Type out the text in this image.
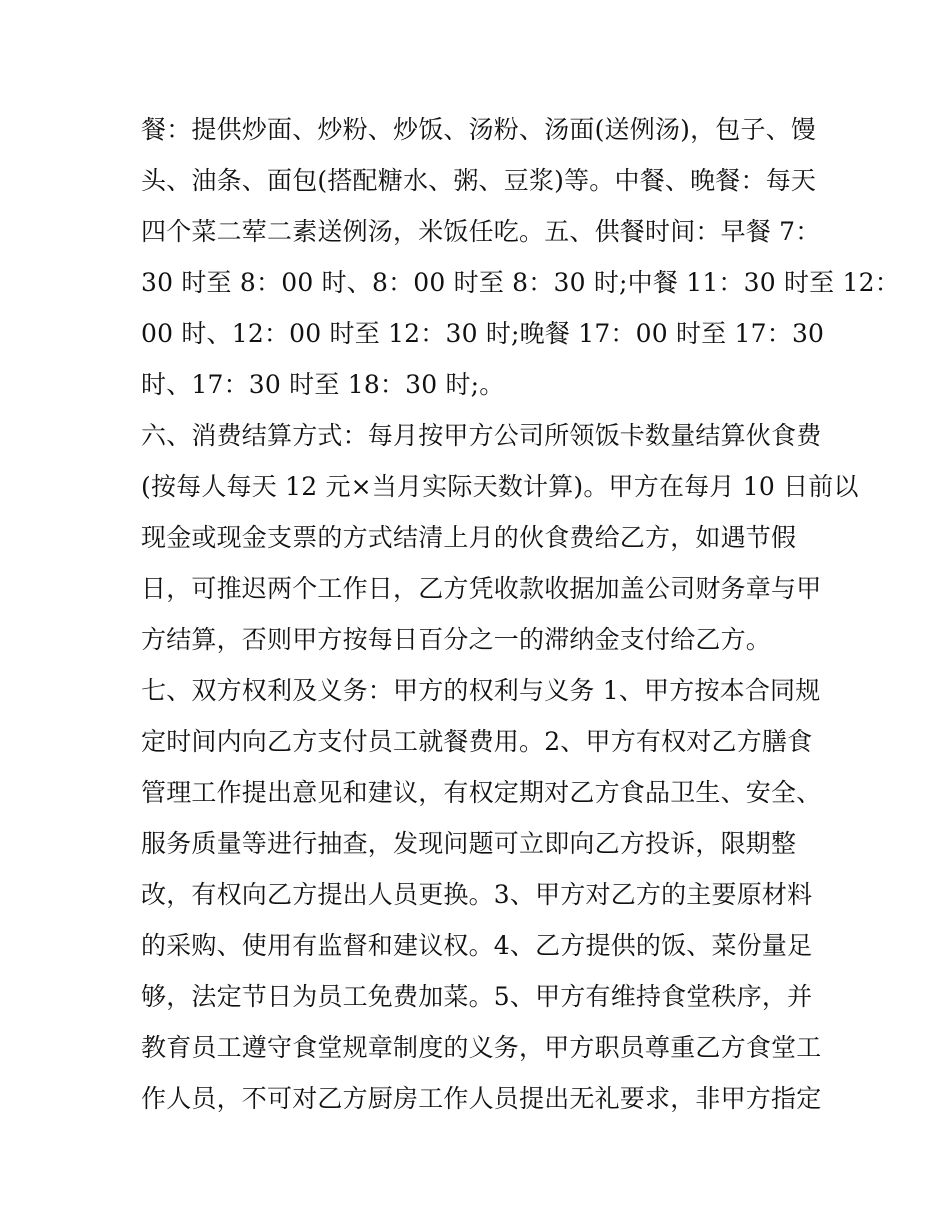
餐：提供炒面、炒粉、炒饭、汤粉、汤面(送例汤)，包子、馒
头、油条、面包(搭配糖水、粥、豆浆)等。中餐、晚餐：每天
四个菜二荤二素送例汤，米饭任吃。五、供餐时间：早餐 7：
30 时至 8：00 时、8：00 时至 8：30 时;中餐 11：30 时至 12：
00 时、12：00 时至 12：30 时;晚餐 17：00 时至 17：30
时、17：30 时至 18：30 时;。
六、消费结算方式：每月按甲方公司所领饭卡数量结算伙食费
(按每人每天 12 元×当月实际天数计算)。甲方在每月 10 日前以
现金或现金支票的方式结清上月的伙食费给乙方，如遇节假
日，可推迟两个工作日，乙方凭收款收据加盖公司财务章与甲
方结算，否则甲方按每日百分之一的滞纳金支付给乙方。
七、双方权利及义务：甲方的权利与义务 1、甲方按本合同规
定时间内向乙方支付员工就餐费用。2、甲方有权对乙方膳食
管理工作提出意见和建议，有权定期对乙方食品卫生、安全、
服务质量等进行抽查，发现问题可立即向乙方投诉，限期整
改，有权向乙方提出人员更换。3、甲方对乙方的主要原材料
的采购、使用有监督和建议权。4、乙方提供的饭、菜份量足
够，法定节日为员工免费加菜。5、甲方有维持食堂秩序，并
教育员工遵守食堂规章制度的义务，甲方职员尊重乙方食堂工
作人员，不可对乙方厨房工作人员提出无礼要求，非甲方指定
